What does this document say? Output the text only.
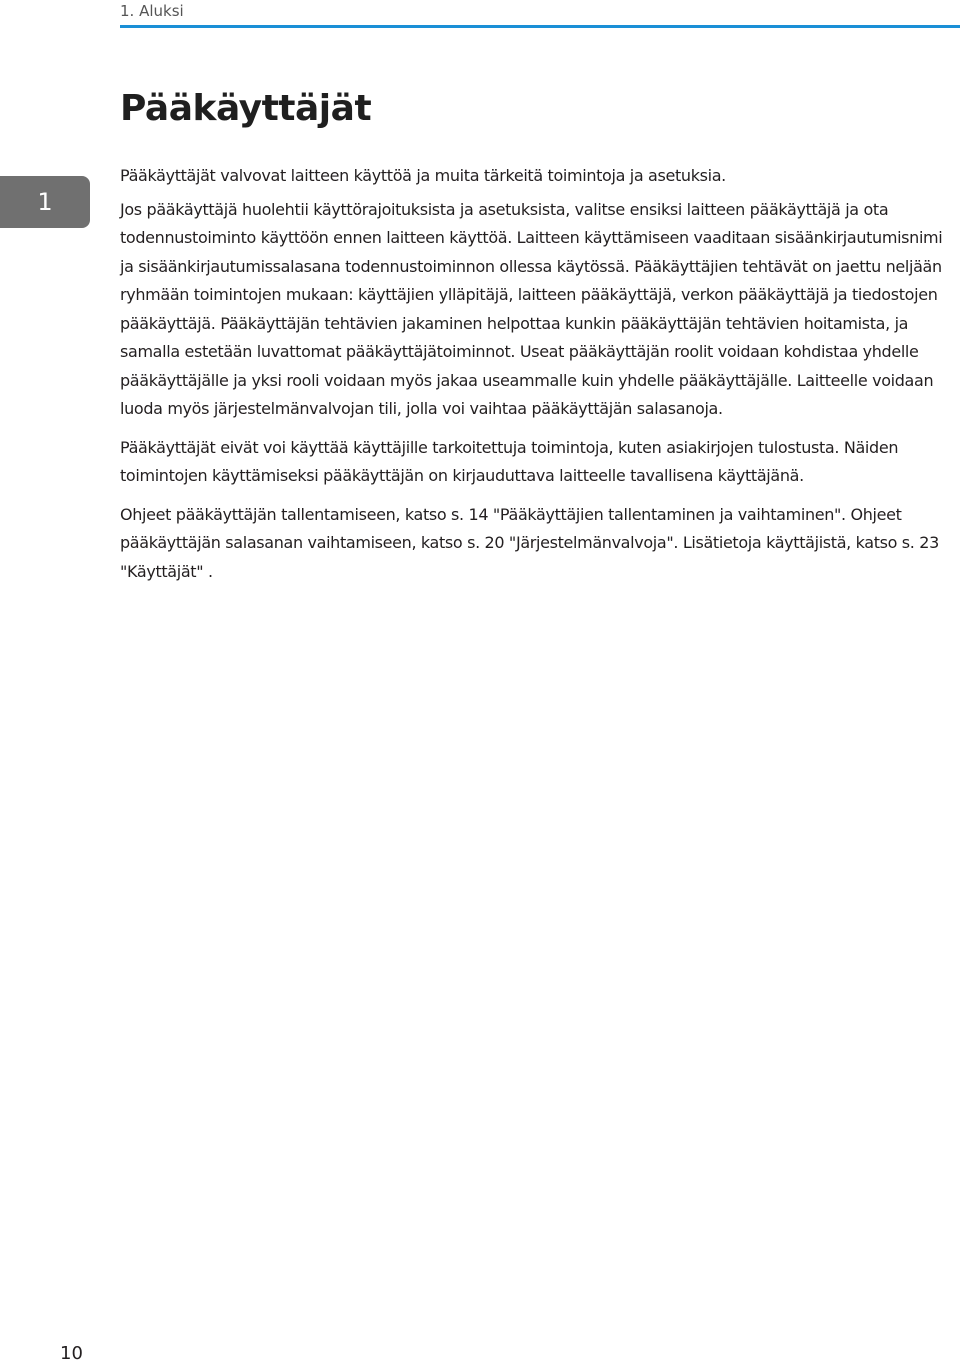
1. Aluksi
1
Pääkäyttäjät

Pääkäyttäjät valvovat laitteen käyttöä ja muita tärkeitä toimintoja ja asetuksia.

Jos pääkäyttäjä huolehtii käyttörajoituksista ja asetuksista, valitse ensiksi laitteen pääkäyttäjä ja ota todennustoiminto käyttöön ennen laitteen käyttöä. Laitteen käyttämiseen vaaditaan sisäänkirjautumisnimi ja sisäänkirjautumissalasana todennustoiminnon ollessa käytössä. Pääkäyttäjien tehtävät on jaettu neljään ryhmään toimintojen mukaan: käyttäjien ylläpitäjä, laitteen pääkäyttäjä, verkon pääkäyttäjä ja tiedostojen pääkäyttäjä. Pääkäyttäjän tehtävien jakaminen helpottaa kunkin pääkäyttäjän tehtävien hoitamista, ja samalla estetään luvattomat pääkäyttäjätoiminnot. Useat pääkäyttäjän roolit voidaan kohdistaa yhdelle pääkäyttäjälle ja yksi rooli voidaan myös jakaa useammalle kuin yhdelle pääkäyttäjälle. Laitteelle voidaan luoda myös järjestelmänvalvojan tili, jolla voi vaihtaa pääkäyttäjän salasanoja.

Pääkäyttäjät eivät voi käyttää käyttäjille tarkoitettuja toimintoja, kuten asiakirjojen tulostusta. Näiden toimintojen käyttämiseksi pääkäyttäjän on kirjauduttava laitteelle tavallisena käyttäjänä.

Ohjeet pääkäyttäjän tallentamiseen, katso s. 14 "Pääkäyttäjien tallentaminen ja vaihtaminen". Ohjeet pääkäyttäjän salasanan vaihtamiseen, katso s. 20 "Järjestelmänvalvoja". Lisätietoja käyttäjistä, katso s. 23 "Käyttäjät" .

10
